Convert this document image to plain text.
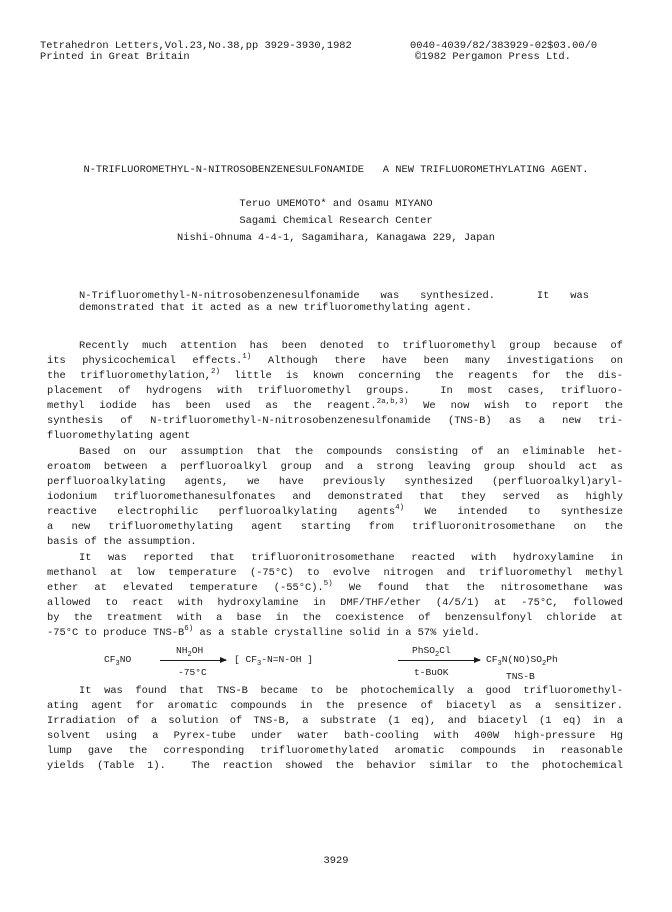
Tetrahedron Letters,Vol.23,No.38,pp 3929-3930,1982	0040-4039/82/383929-02$03.00/0
Printed in Great Britain	©1982 Pergamon Press Ltd.
N-TRIFLUOROMETHYL-N-NITROSOBENZENESULFONAMIDE   A NEW TRIFLUOROMETHYLATING AGENT.
Teruo UMEMOTO* and Osamu MIYANO
Sagami Chemical Research Center
Nishi-Ohnuma 4-4-1, Sagamihara, Kanagawa 229, Japan
N-Trifluoromethyl-N-nitrosobenzenesulfonamide was synthesized.  It was
demonstrated that it acted as a new trifluoromethylating agent.
Recently much attention has been denoted to trifluoromethyl group because of
its physicochemical effects.$^{1)}$ Although there have been many investigations on
the trifluoromethylation,$^{2)}$ little is known concerning the reagents for the dis-
placement of hydrogens with trifluoromethyl groups.  In most cases, trifluoro-
methyl iodide has been used as the reagent.$^{2a,b,3)}$ We now wish to report the
synthesis of N-trifluoromethyl-N-nitrosobenzenesulfonamide (TNS-B) as a new tri-
fluoromethylating agent
Based on our assumption that the compounds consisting of an eliminable het-
eroatom between a perfluoroalkyl group and a strong leaving group should act as
perfluoroalkylating agents, we have previously synthesized (perfluoroalkyl)aryl-
iodonium trifluoromethanesulfonates and demonstrated that they served as highly
reactive electrophilic perfluoroalkylating agents$^{4)}$ We intended to synthesize
a new trifluoromethylating agent starting from trifluoronitrosomethane on the
basis of the assumption.
It was reported that trifluoronitrosomethane reacted with hydroxylamine in
methanol at low temperature (-75°C) to evolve nitrogen and trifluoromethyl methyl
ether at elevated temperature (-55°C).$^{5)}$ We found that the nitrosomethane was
allowed to react with hydroxylamine in DMF/THF/ether (4/5/1) at -75°C, followed
by the treatment with a base in the coexistence of benzensulfonyl chloride at
-75°C to produce TNS-$B^{6)}$ as a stable crystalline solid in a 57% yield.
$CF_3NO$
$NH_2OH$
-75°C
[ $CF_3-N=N-OH$ ]
PhSO$_2$Cl
t-BuOK
$CF_3N(NO)SO_2Ph$
TNS-B
It was found that TNS-B became to be photochemically a good trifluoromethyl-
ating agent for aromatic compounds in the presence of biacetyl as a sensitizer.
Irradiation of a solution of TNS-B, a substrate (1 eq), and biacetyl (1 eq) in a
solvent using a Pyrex-tube under water bath-cooling with 400W high-pressure Hg
lump gave the corresponding trifluoromethylated aromatic compounds in reasonable
yields (Table 1).  The reaction showed the behavior similar to the photochemical
3929
